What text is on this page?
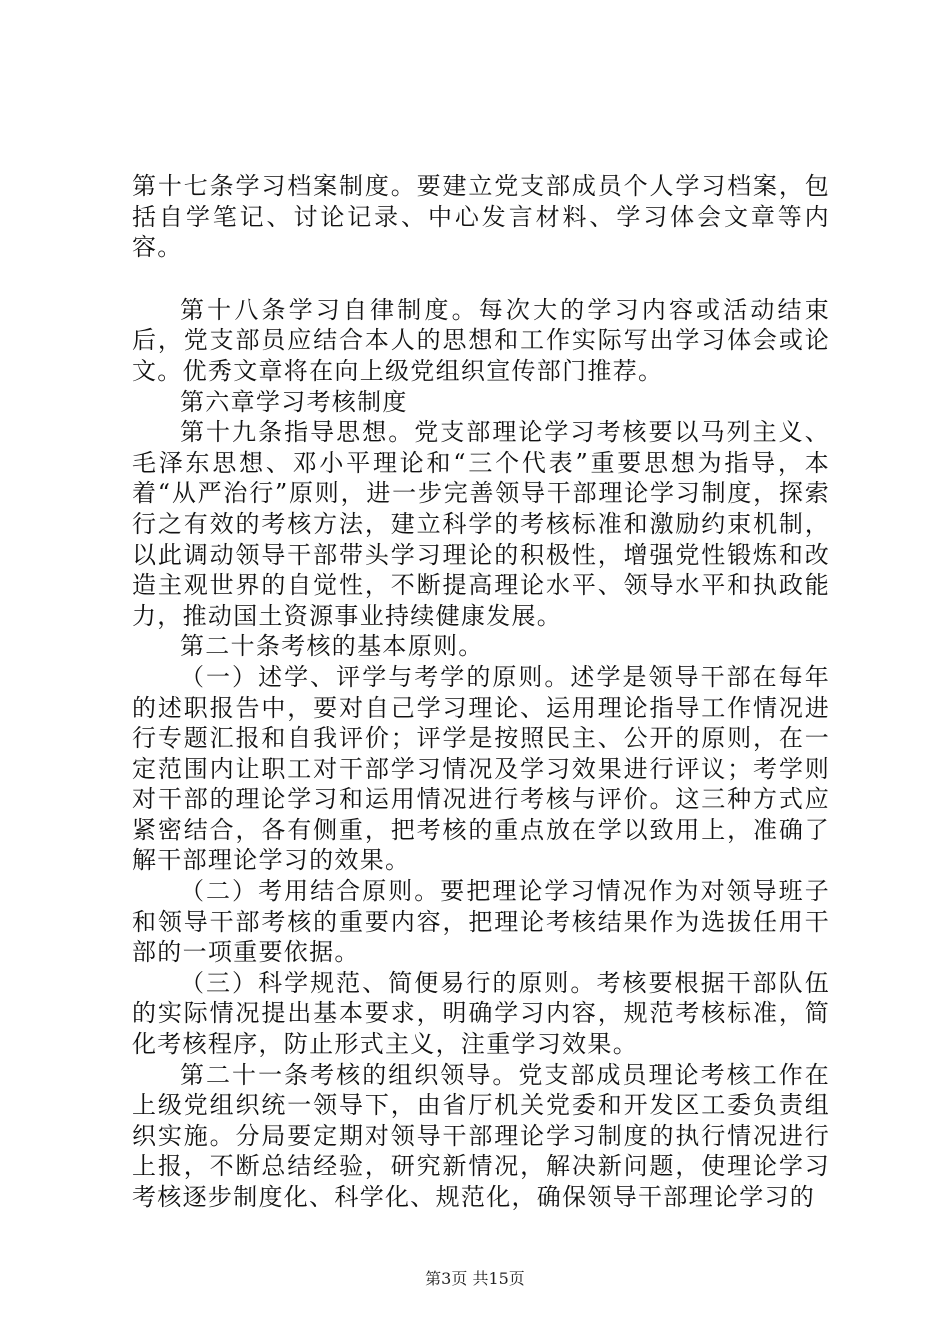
第十七条学习档案制度。要建立党支部成员个人学习档案，包括自学笔记、讨论记录、中心发言材料、学习体会文章等内容。

第十八条学习自律制度。每次大的学习内容或活动结束后，党支部员应结合本人的思想和工作实际写出学习体会或论文。优秀文章将在向上级党组织宣传部门推荐。

第六章学习考核制度

第十九条指导思想。党支部理论学习考核要以马列主义、毛泽东思想、邓小平理论和“三个代表”重要思想为指导，本着“从严治行”原则，进一步完善领导干部理论学习制度，探索行之有效的考核方法，建立科学的考核标准和激励约束机制，以此调动领导干部带头学习理论的积极性，增强党性锻炼和改造主观世界的自觉性，不断提高理论水平、领导水平和执政能力，推动国土资源事业持续健康发展。

第二十条考核的基本原则。

（一）述学、评学与考学的原则。述学是领导干部在每年的述职报告中，要对自己学习理论、运用理论指导工作情况进行专题汇报和自我评价；评学是按照民主、公开的原则，在一定范围内让职工对干部学习情况及学习效果进行评议；考学则对干部的理论学习和运用情况进行考核与评价。这三种方式应紧密结合，各有侧重，把考核的重点放在学以致用上，准确了解干部理论学习的效果。

（二）考用结合原则。要把理论学习情况作为对领导班子和领导干部考核的重要内容，把理论考核结果作为选拔任用干部的一项重要依据。

（三）科学规范、简便易行的原则。考核要根据干部队伍的实际情况提出基本要求，明确学习内容，规范考核标准，简化考核程序，防止形式主义，注重学习效果。

第二十一条考核的组织领导。党支部成员理论考核工作在上级党组织统一领导下，由省厅机关党委和开发区工委负责组织实施。分局要定期对领导干部理论学习制度的执行情况进行上报，不断总结经验，研究新情况，解决新问题，使理论学习考核逐步制度化、科学化、规范化，确保领导干部理论学习的

第3页 共15页
